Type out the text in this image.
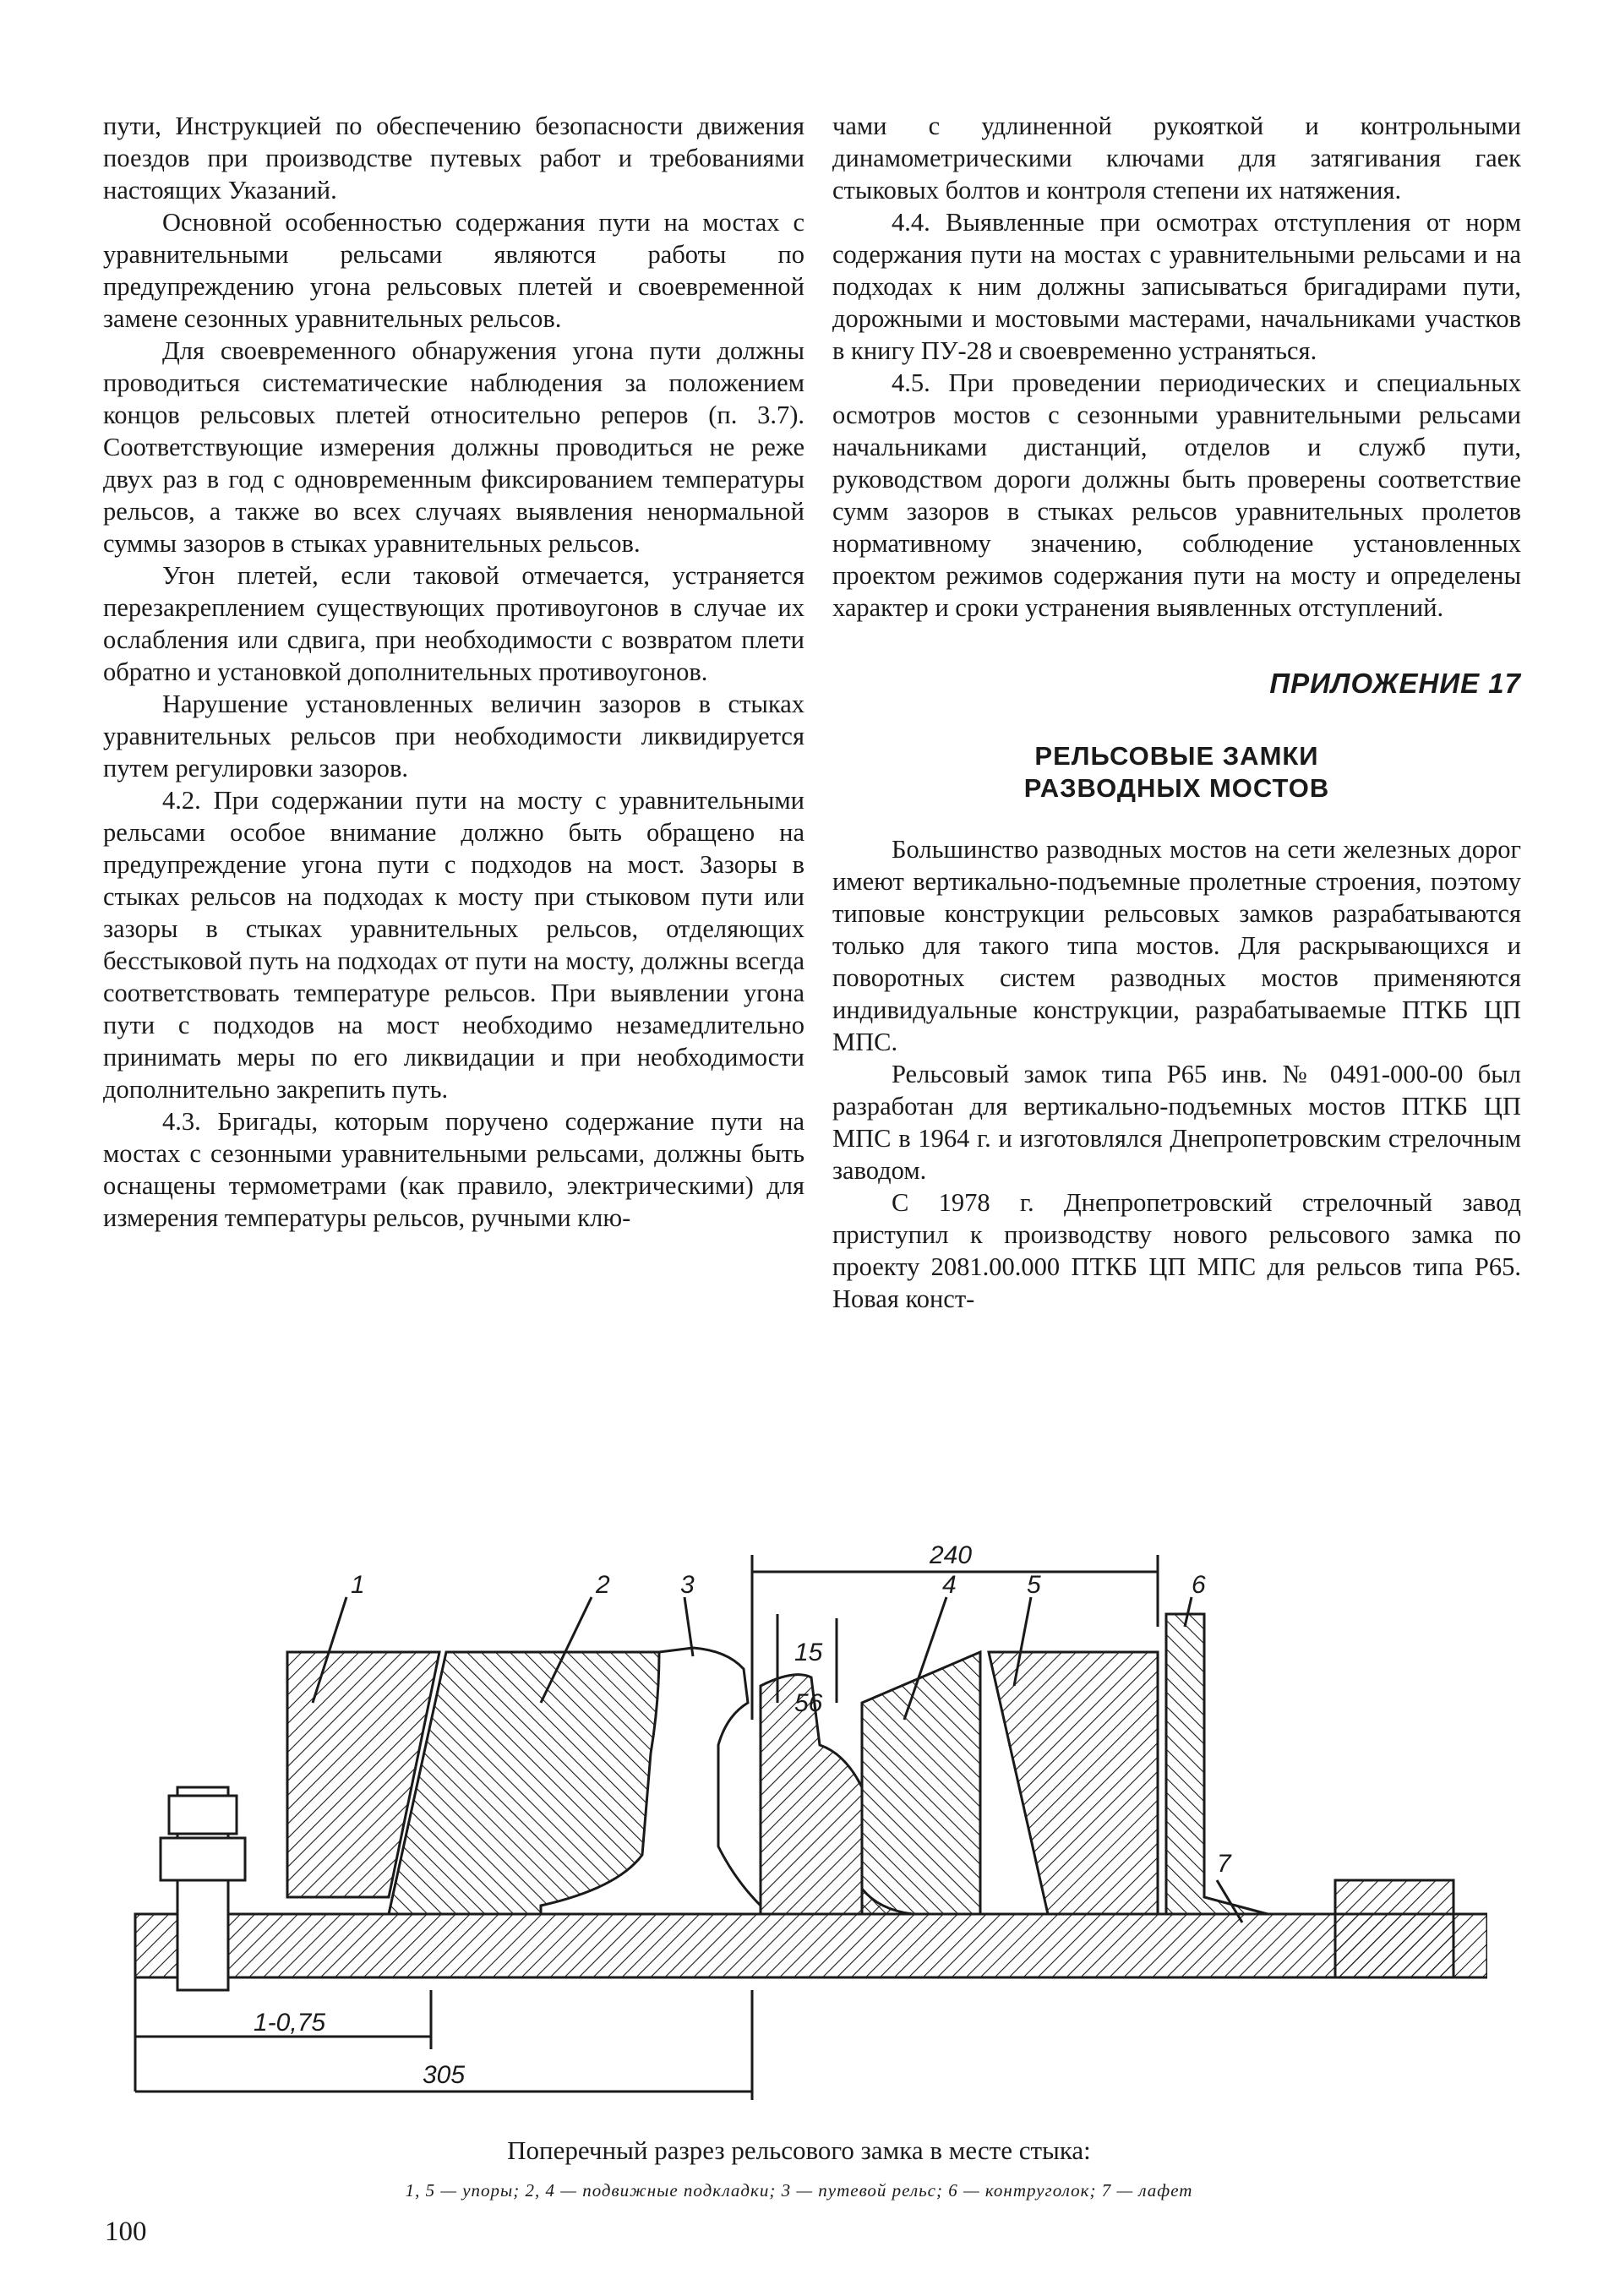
пути, Инструкцией по обеспечению безопасности движения поездов при производстве путевых работ и требованиями настоящих Указаний.

Основной особенностью содержания пути на мостах с уравнительными рельсами являются работы по предупреждению угона рельсовых плетей и своевременной замене сезонных уравнительных рельсов.

Для своевременного обнаружения угона пути должны проводиться систематические наблюдения за положением концов рельсовых плетей относительно реперов (п. 3.7). Соответствующие измерения должны проводиться не реже двух раз в год с одновременным фиксированием температуры рельсов, а также во всех случаях выявления ненормальной суммы зазоров в стыках уравнительных рельсов.

Угон плетей, если таковой отмечается, устраняется перезакреплением существующих противоугонов в случае их ослабления или сдвига, при необходимости с возвратом плети обратно и установкой дополнительных противоугонов.

Нарушение установленных величин зазоров в стыках уравнительных рельсов при необходимости ликвидируется путем регулировки зазоров.

4.2. При содержании пути на мосту с уравнительными рельсами особое внимание должно быть обращено на предупреждение угона пути с подходов на мост. Зазоры в стыках рельсов на подходах к мосту при стыковом пути или зазоры в стыках уравнительных рельсов, отделяющих бесстыковой путь на подходах от пути на мосту, должны всегда соответствовать температуре рельсов. При выявлении угона пути с подходов на мост необходимо незамедлительно принимать меры по его ликвидации и при необходимости дополнительно закрепить путь.

4.3. Бригады, которым поручено содержание пути на мостах с сезонными уравнительными рельсами, должны быть оснащены термометрами (как правило, электрическими) для измерения температуры рельсов, ручными клю-

чами с удлиненной рукояткой и контрольными динамометрическими ключами для затягивания гаек стыковых болтов и контроля степени их натяжения.

4.4. Выявленные при осмотрах отступления от норм содержания пути на мостах с уравнительными рельсами и на подходах к ним должны записываться бригадирами пути, дорожными и мостовыми мастерами, начальниками участков в книгу ПУ-28 и своевременно устраняться.

4.5. При проведении периодических и специальных осмотров мостов с сезонными уравнительными рельсами начальниками дистанций, отделов и служб пути, руководством дороги должны быть проверены соответствие сумм зазоров в стыках рельсов уравнительных пролетов нормативному значению, соблюдение установленных проектом режимов содержания пути на мосту и определены характер и сроки устранения выявленных отступлений.

ПРИЛОЖЕНИЕ 17
РЕЛЬСОВЫЕ ЗАМКИ
РАЗВОДНЫХ МОСТОВ

Большинство разводных мостов на сети железных дорог имеют вертикально-подъемные пролетные строения, поэтому типовые конструкции рельсовых замков разрабатываются только для такого типа мостов. Для раскрывающихся и поворотных систем разводных мостов применяются индивидуальные конструкции, разрабатываемые ПТКБ ЦП МПС.

Рельсовый замок типа Р65 инв. № 0491-000-00 был разработан для вертикально-подъемных мостов ПТКБ ЦП МПС в 1964 г. и изготовлялся Днепропетровским стрелочным заводом.

С 1978 г. Днепропетровский стрелочный завод приступил к производству нового рельсового замка по проекту 2081.00.000 ПТКБ ЦП МПС для рельсов типа Р65. Новая конст-

240
15
56
1-0,75
305
1	2	3	4	5	6
7
Поперечный разрез рельсового замка в месте стыка:
1, 5 — упоры; 2, 4 — подвижные подкладки; 3 — путевой рельс; 6 — контруголок; 7 — лафет
100
